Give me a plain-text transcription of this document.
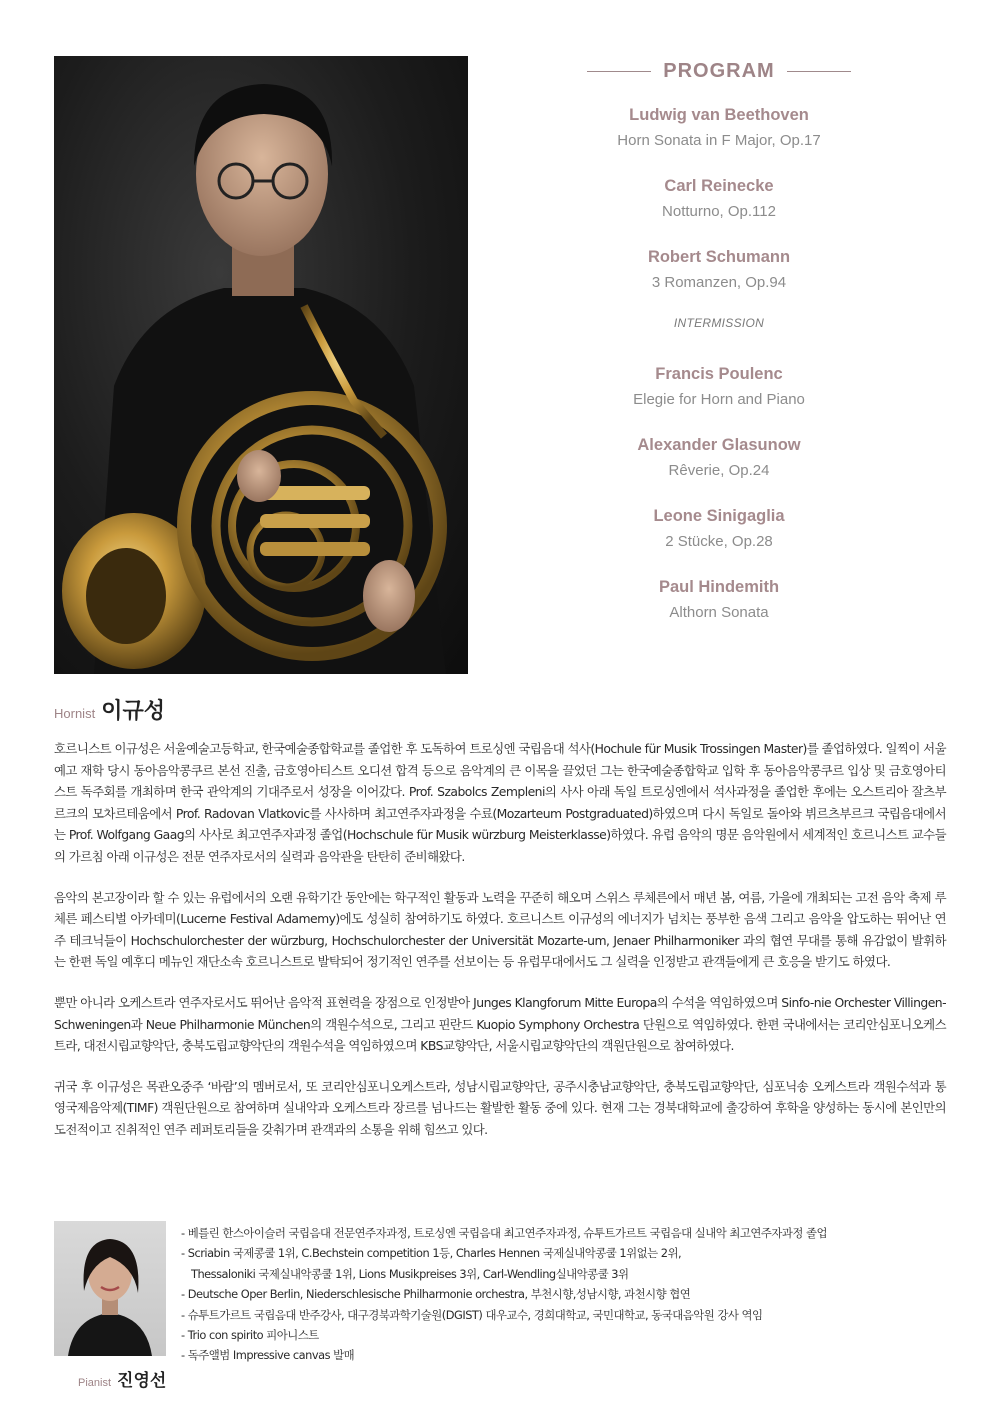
PROGRAM
Ludwig van Beethoven
Horn Sonata in F Major, Op.17
Carl Reinecke
Notturno, Op.112
Robert Schumann
3 Romanzen, Op.94
INTERMISSION
Francis Poulenc
Elegie for Horn and Piano
Alexander Glasunow
Rêverie, Op.24
Leone Sinigaglia
2 Stücke, Op.28
Paul Hindemith
Althorn Sonata
Hornist 이규성

호르니스트 이규성은 서울예술고등학교, 한국예술종합학교를 졸업한 후 도독하여 트로싱엔 국립음대 석사(Hochule für Musik Trossingen Master)를 졸업하였다. 일찍이 서울예고 재학 당시 동아음악콩쿠르 본선 진출, 금호영아티스트 오디션 합격 등으로 음악계의 큰 이목을 끌었던 그는 한국예술종합학교 입학 후 동아음악콩쿠르 입상 및 금호영아티스트 독주회를 개최하며 한국 관악계의 기대주로서 성장을 이어갔다. Prof. Szabolcs Zempleni의 사사 아래 독일 트로싱엔에서 석사과정을 졸업한 후에는 오스트리아 잘츠부르크의 모차르테움에서 Prof. Radovan Vlatkovic를 사사하며 최고연주자과정을 수료(Mozarteum Postgraduated)하였으며 다시 독일로 돌아와 뷔르츠부르크 국립음대에서는 Prof. Wolfgang Gaag의 사사로 최고연주자과정 졸업(Hochschule für Musik würzburg Meisterklasse)하였다. 유럽 음악의 명문 음악원에서 세계적인 호르니스트 교수들의 가르침 아래 이규성은 전문 연주자로서의 실력과 음악관을 탄탄히 준비해왔다.

음악의 본고장이라 할 수 있는 유럽에서의 오랜 유학기간 동안에는 학구적인 활동과 노력을 꾸준히 해오며 스위스 루체른에서 매년 봄, 여름, 가을에 개최되는 고전 음악 축제 루체른 페스티벌 아카데미(Lucerne Festival Adamemy)에도 성실히 참여하기도 하였다. 호르니스트 이규성의 에너지가 넘치는 풍부한 음색 그리고 음악을 압도하는 뛰어난 연주 테크닉들이 Hochschulorchester der würzburg, Hochschulorchester der Universität Mozarte-um, Jenaer Philharmoniker 과의 협연 무대를 통해 유감없이 발휘하는 한편 독일 예후디 메뉴인 재단소속 호르니스트로 발탁되어 정기적인 연주를 선보이는 등 유럽무대에서도 그 실력을 인정받고 관객들에게 큰 호응을 받기도 하였다.

뿐만 아니라 오케스트라 연주자로서도 뛰어난 음악적 표현력을 장점으로 인정받아 Junges Klangforum Mitte Europa의 수석을 역임하였으며 Sinfo-nie Orchester Villingen-Schweningen과 Neue Philharmonie München의 객원수석으로, 그리고 핀란드 Kuopio Symphony Orchestra 단원으로 역임하였다. 한편 국내에서는 코리안심포니오케스트라, 대전시립교향악단, 충북도립교향악단의 객원수석을 역임하였으며 KBS교향악단, 서울시립교향악단의 객원단원으로 참여하였다.

귀국 후 이규성은 목관오중주 ‘바람’의 멤버로서, 또 코리안심포니오케스트라, 성남시립교향악단, 공주시충남교향악단, 충북도립교향악단, 심포닉송 오케스트라 객원수석과 통영국제음악제(TIMF) 객원단원으로 참여하며 실내악과 오케스트라 장르를 넘나드는 활발한 활동 중에 있다. 현재 그는 경북대학교에 출강하여 후학을 양성하는 동시에 본인만의 도전적이고 진취적인 연주 레퍼토리들을 갖춰가며 관객과의 소통을 위해 힘쓰고 있다.

Pianist 진영선
- 베를린 한스아이슬러 국립음대 전문연주자과정, 트로싱엔 국립음대 최고연주자과정, 슈투트가르트 국립음대 실내악 최고연주자과정 졸업
- Scriabin 국제콩쿨 1위, C.Bechstein competition 1등, Charles Hennen 국제실내악콩쿨 1위없는 2위,
Thessaloniki 국제실내악콩쿨 1위, Lions Musikpreises 3위, Carl-Wendling실내악콩쿨 3위
- Deutsche Oper Berlin, Niederschlesische Philharmonie orchestra, 부천시향,성남시향, 과천시향 협연
- 슈투트가르트 국립음대 반주강사, 대구경북과학기술원(DGIST) 대우교수, 경희대학교, 국민대학교, 동국대음악원 강사 역임
- Trio con spirito 피아니스트
- 독주앨범 Impressive canvas 발매
